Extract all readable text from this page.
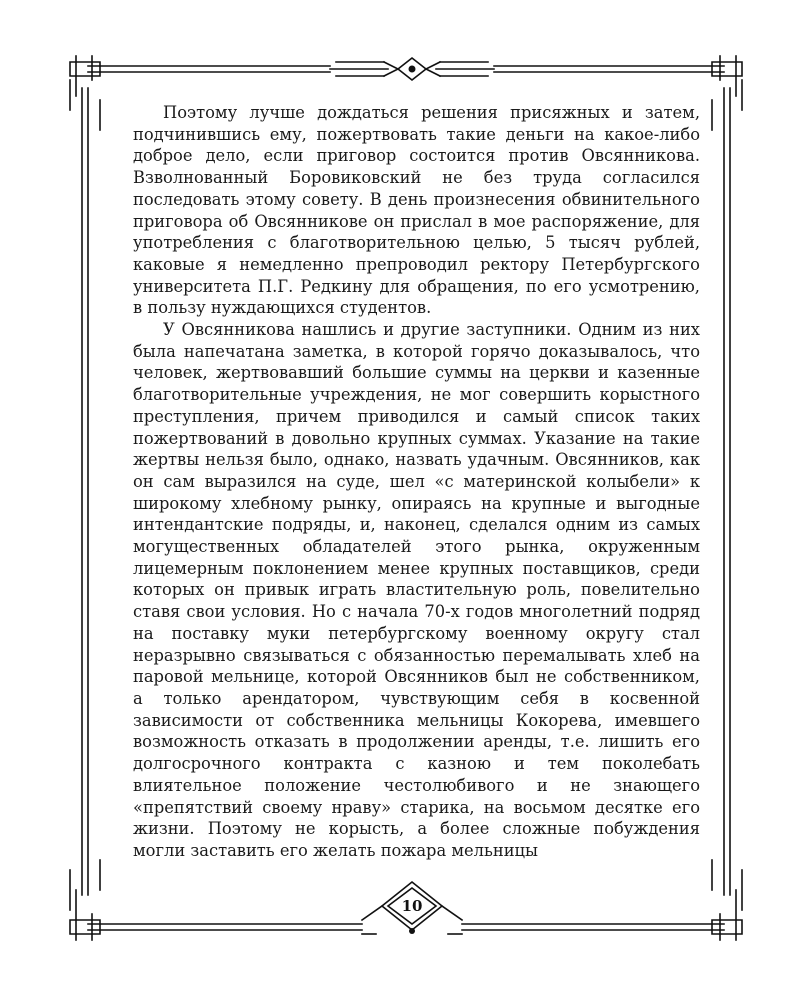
Поэтому лучше дождаться решения присяжных и затем, подчинившись ему, пожертвовать такие деньги на какое-либо доброе дело, если приговор состоится против Овсянникова. Взволнованный Боровиковский не без труда согласился последовать этому совету. В день произнесения обвинительного приговора об Овсянникове он прислал в мое распоряжение, для употребления с благотворительною целью, 5 тысяч рублей, каковые я немедленно препроводил ректору Петербургского университета П.Г. Редкину для обращения, по его усмотрению, в пользу нуждающихся студентов.

У Овсянникова нашлись и другие заступники. Одним из них была напечатана заметка, в которой горячо доказывалось, что человек, жертвовавший большие суммы на церкви и казенные благотворительные учреждения, не мог совершить корыстного преступления, причем приводился и самый список таких пожертвований в довольно крупных суммах. Указание на такие жертвы нельзя было, однако, назвать удачным. Овсянников, как он сам выразился на суде, шел «с материнской колыбели» к широкому хлебному рынку, опираясь на крупные и выгодные интендантские подряды, и, наконец, сделался одним из самых могущественных обладателей этого рынка, окруженным лицемерным поклонением менее крупных поставщиков, среди которых он привык играть властительную роль, повелительно ставя свои условия. Но с начала 70-х годов многолетний подряд на поставку муки петербургскому военному округу стал неразрывно связываться с обязанностью перемалывать хлеб на паровой мельнице, которой Овсянников был не собственником, а только арендатором, чувствующим себя в косвенной зависимости от собственника мельницы Кокорева, имевшего возможность отказать в продолжении аренды, т.е. лишить его долгосрочного контракта с казною и тем поколебать влиятельное положение честолюбивого и не знающего «препятствий своему нраву» старика, на восьмом десятке его жизни. Поэтому не корысть, а более сложные побуждения могли заставить его желать пожара мельницы

10
